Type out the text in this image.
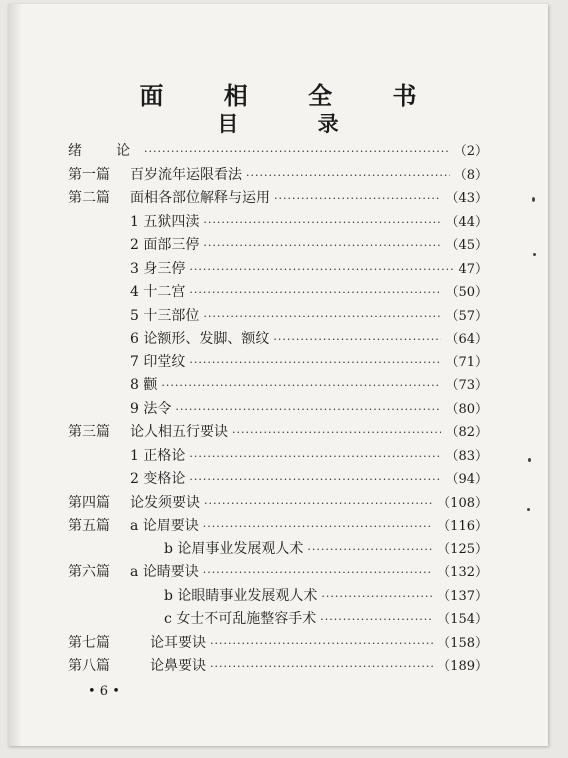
面 相 全 书
目 录
绪　论 ·····	（2）
第一篇	百岁流年运限看法 ·····	（8）
第二篇	面相各部位解释与运用 ·····	（43）
1 五狱四渎 ·····	（44）
2 面部三停 ·····	（45）
3 身三停 ·····	47）
4 十二宫 ·····	（50）
5 十三部位 ·····	（57）
6 论额形、发脚、额纹 ·····	（64）
7 印堂纹 ·····	（71）
8 颧 ·····	（73）
9 法令 ·····	（80）
第三篇	论人相五行要诀 ·····	（82）
1 正格论 ·····	（83）
2 变格论 ·····	（94）
第四篇	论发须要诀 ·····	（108）
第五篇	a 论眉要诀 ·····	（116）
b 论眉事业发展观人术 ·····	（125）
第六篇	a 论睛要诀 ·····	（132）
b 论眼睛事业发展观人术 ·····	（137）
c 女士不可乱施整容手术 ·····	（154）
第七篇	论耳要诀 ·····	（158）
第八篇	论鼻要诀 ·····	（189）
• 6 •
